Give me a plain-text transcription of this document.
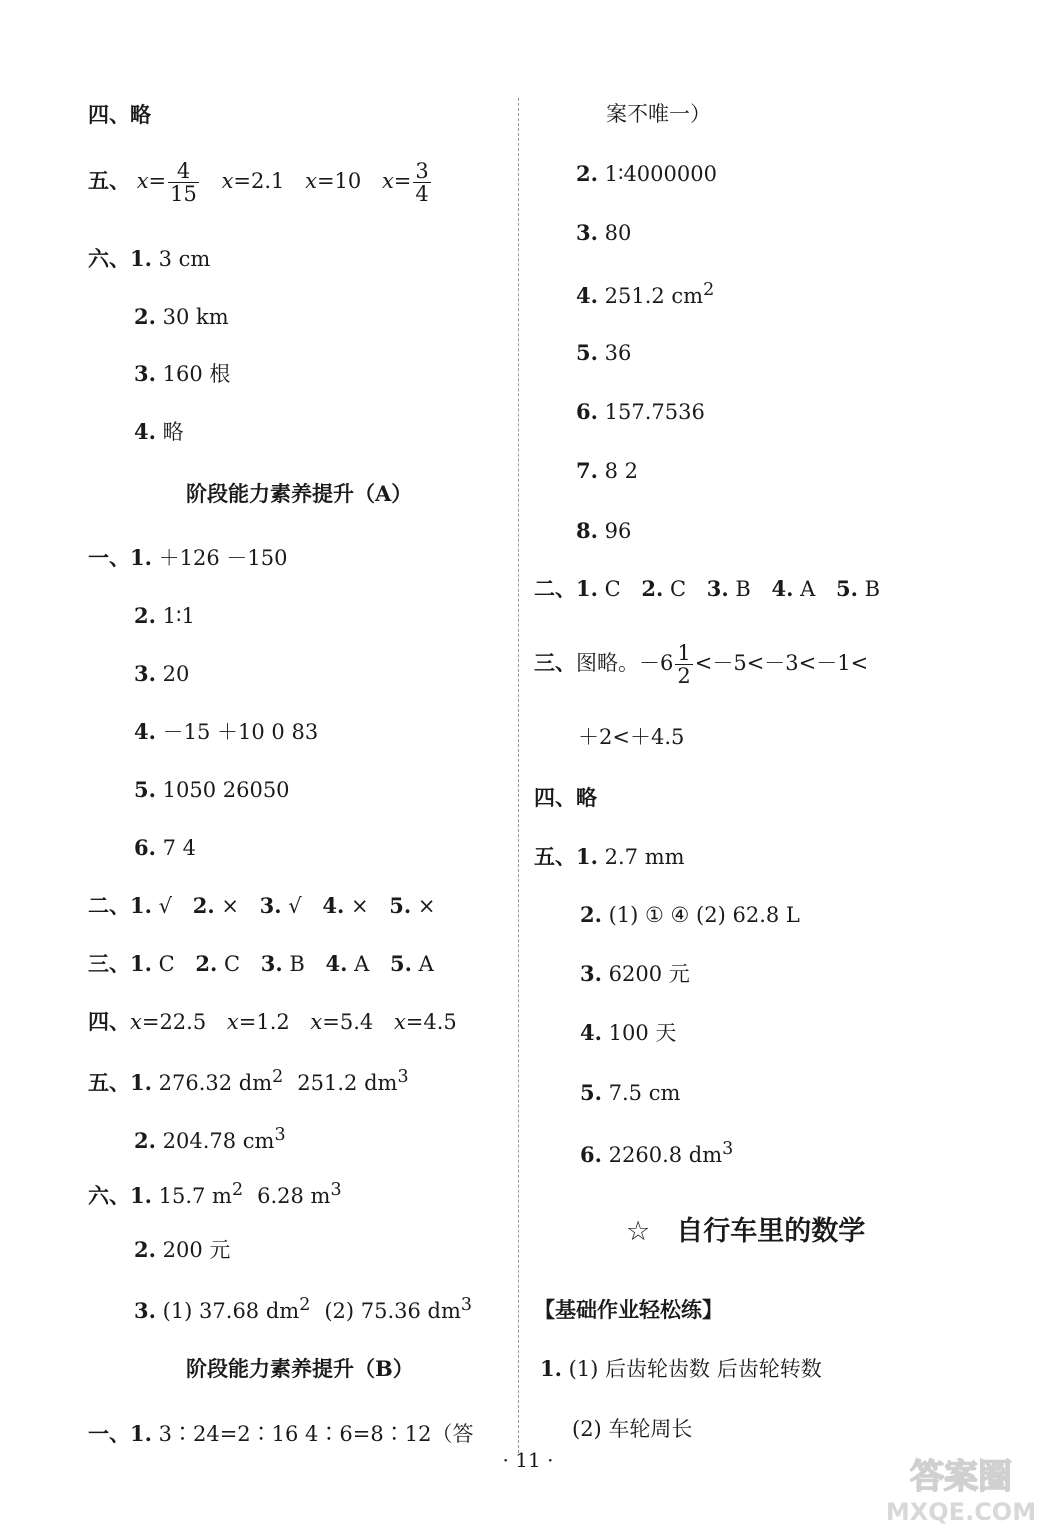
四、略
五、 $x= \frac{4}{15} x=2.1$ x=10 $x= \frac{3}{4}$
六、1. 3 cm
2. 30 km
3. 160 根
4. 略
阶段能力素养提升（A）
一、1. ＋126 －150
2. 1∶1
3. 20
4. －15 ＋10 0 83
5. 1050 26050
6. 7 4
二、1. √ 2. × 3. √ 4. × 5. ×
三、1. C 2. C 3. B 4. A 5. A
四、x=22.5 x=1.2 x=5.4 x=4.5
五、1. 276.32 $dm^2$ 251.2 $dm^3$
2. 204.78 $cm^3$
六、1. 15.7 $m^2$ 6.28 $m^3$
2. 200 元
3. (1) 37.68 $dm^2$ (2) 75.36 $dm^3$
阶段能力素养提升（B）
一、1. 3∶24=2∶16 4∶6=8∶12（答
案不唯一）
2. 1∶4000000
3. 80
4. 251.2 $cm^2$
5. 36
6. 157.7536
7. 8 2
8. 96
二、1. C 2. C 3. B 4. A 5. B
三、图略。$-6 \frac{1}{2} <-5<-3<-1<$
＋2<＋4.5
四、略
五、1. 2.7 mm
2. (1) ① ④ (2) 62.8 L
3. 6200 元
4. 100 天
5. 7.5 cm
6. 2260.8 $dm^3$
☆ 自行车里的数学
【基础作业轻松练】
1. (1) 后齿轮齿数 后齿轮转数
(2) 车轮周长
· 11 ·	答案圈
MXQE.COM
